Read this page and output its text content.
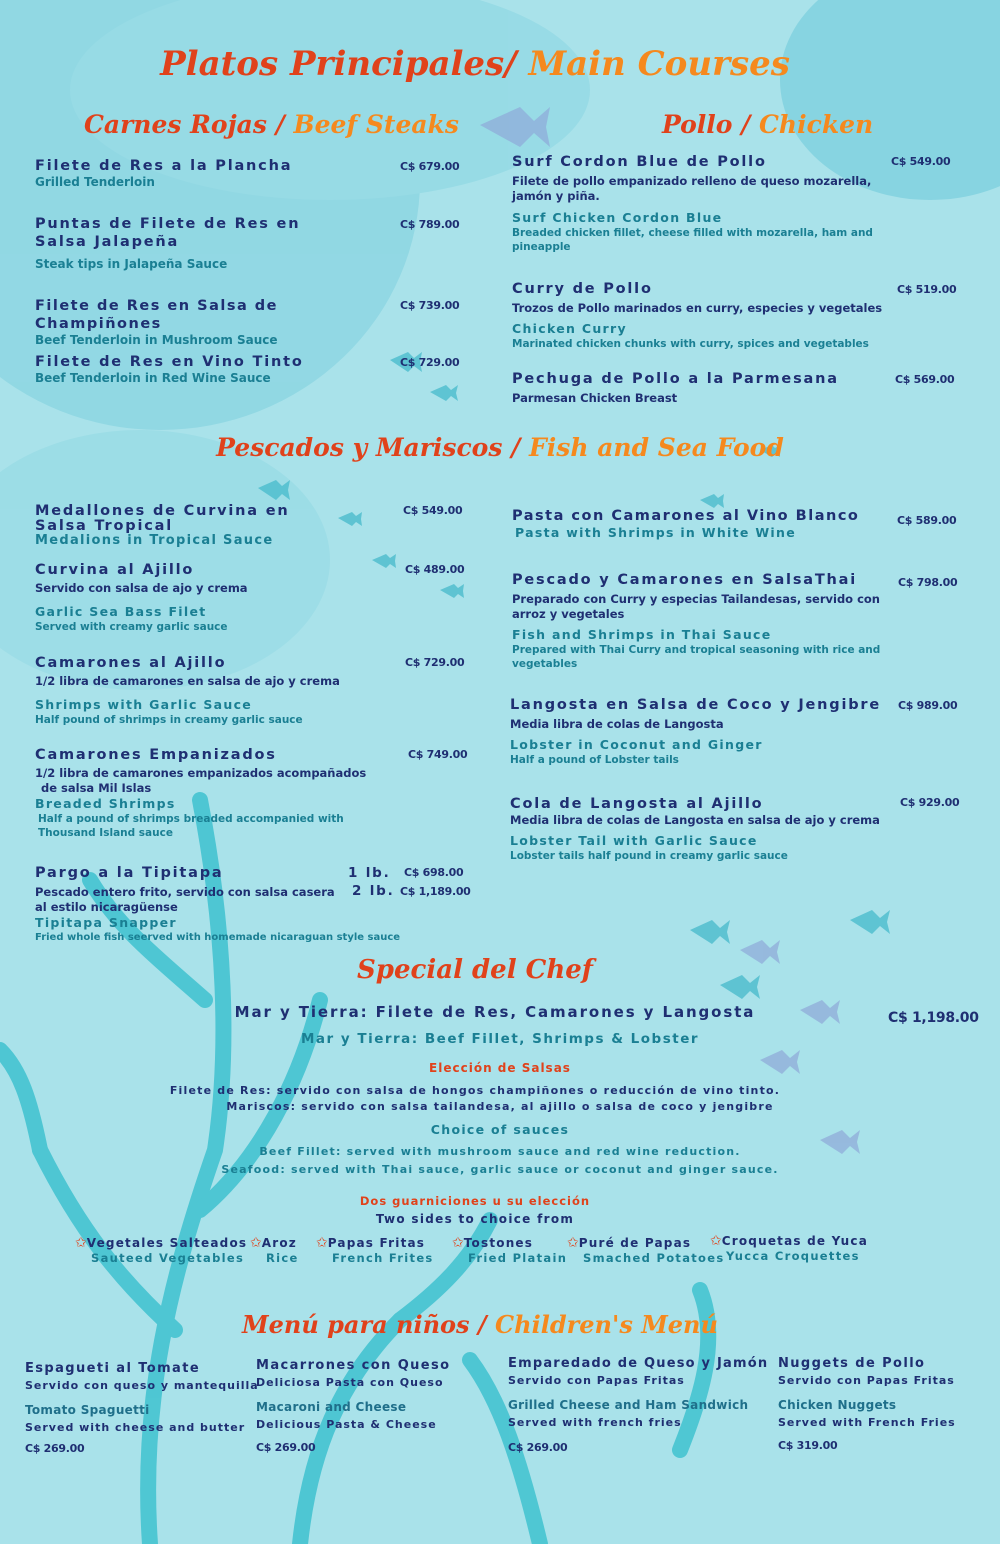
Platos Principales/ Main Courses
Carnes Rojas / Beef Steaks
Filete de Res a la Plancha
Grilled Tenderloin
C$ 679.00
Puntas de Filete de Res en
Salsa Jalapeña
Steak tips in Jalapeña Sauce
C$ 789.00
Filete de Res en Salsa de Champiñones
Beef Tenderloin in Mushroom Sauce
C$ 739.00
Filete de Res en Vino Tinto
Beef Tenderloin in Red Wine Sauce
C$ 729.00
Pollo / Chicken
Surf Cordon Blue de Pollo
Filete de pollo empanizado relleno de queso mozarella, jamón y piña.
Surf Chicken Cordon Blue
Breaded chicken fillet, cheese filled with mozarella, ham and pineapple
C$ 549.00
Curry de Pollo
Trozos de Pollo marinados en curry, especies y vegetales
Chicken Curry
Marinated chicken chunks with curry, spices and vegetables
C$ 519.00
Pechuga de Pollo a la Parmesana
Parmesan Chicken Breast
C$ 569.00
Pescados y Mariscos / Fish and Sea Food
Medallones de Curvina en
Salsa Tropical
Medalions in Tropical Sauce
C$ 549.00
Curvina al Ajillo
Servido con salsa de ajo y crema
Garlic Sea Bass Filet
Served with creamy garlic sauce
C$ 489.00
Camarones al Ajillo
1/2 libra de camarones en salsa de ajo y crema
Shrimps with Garlic Sauce
Half pound of shrimps in creamy garlic sauce
C$ 729.00
Camarones Empanizados
1/2 libra de camarones empanizados acompañados
de salsa Mil Islas
Breaded Shrimps
Half a pound of shrimps breaded accompanied with
Thousand Island sauce
C$ 749.00
Pargo a la Tipitapa
Pescado entero frito, servido con salsa casera
al estilo nicaragüense
Tipitapa Snapper
Fried whole fish seerved with homemade nicaraguan style sauce
1 lb. C$ 698.00
2 lb. C$ 1,189.00
Pasta con Camarones al Vino Blanco
Pasta with Shrimps in White Wine
C$ 589.00
Pescado y Camarones en SalsaThai
Preparado con Curry y especias Tailandesas, servido con
arroz y vegetales
Fish and Shrimps in Thai Sauce
Prepared with Thai Curry and tropical seasoning with rice and
vegetables
C$ 798.00
Langosta en Salsa de Coco y Jengibre
Media libra de colas de Langosta
Lobster in Coconut and Ginger
Half a pound of Lobster tails
C$ 989.00
Cola de Langosta al Ajillo
Media libra de colas de Langosta en salsa de ajo y crema
Lobster Tail with Garlic Sauce
Lobster tails half pound in creamy garlic sauce
C$ 929.00
Special del Chef
Mar y Tierra: Filete de Res, Camarones y Langosta	C$ 1,198.00
Mar y Tierra: Beef Fillet, Shrimps & Lobster
Elección de Salsas
Filete de Res: servido con salsa de hongos champiñones o reducción de vino tinto.
Mariscos: servido con salsa tailandesa, al ajillo o salsa de coco y jengibre
Choice of sauces
Beef Fillet: served with mushroom sauce and red wine reduction.
Seafood: served with Thai sauce, garlic sauce or coconut and ginger sauce.
Dos guarniciones u su elección
Two sides to choice from
✩Vegetales Salteados
Sauteed Vegetables
✩Aroz
Rice
✩Papas Fritas
French Frites
✩Tostones
Fried Platain
✩Puré de Papas
Smached Potatoes
✩Croquetas de Yuca
Yucca Croquettes
Menú para niños / Children's Menú
Espagueti al Tomate
Servido con queso y mantequilla
Tomato Spaguetti
Served with cheese and butter
C$ 269.00
Macarrones con Queso
Deliciosa Pasta con Queso
Macaroni and Cheese
Delicious Pasta & Cheese
C$ 269.00
Emparedado de Queso y Jamón
Servido con Papas Fritas
Grilled Cheese and Ham Sandwich
Served with french fries
C$ 269.00
Nuggets de Pollo
Servido con Papas Fritas
Chicken Nuggets
Served with French Fries
C$ 319.00
